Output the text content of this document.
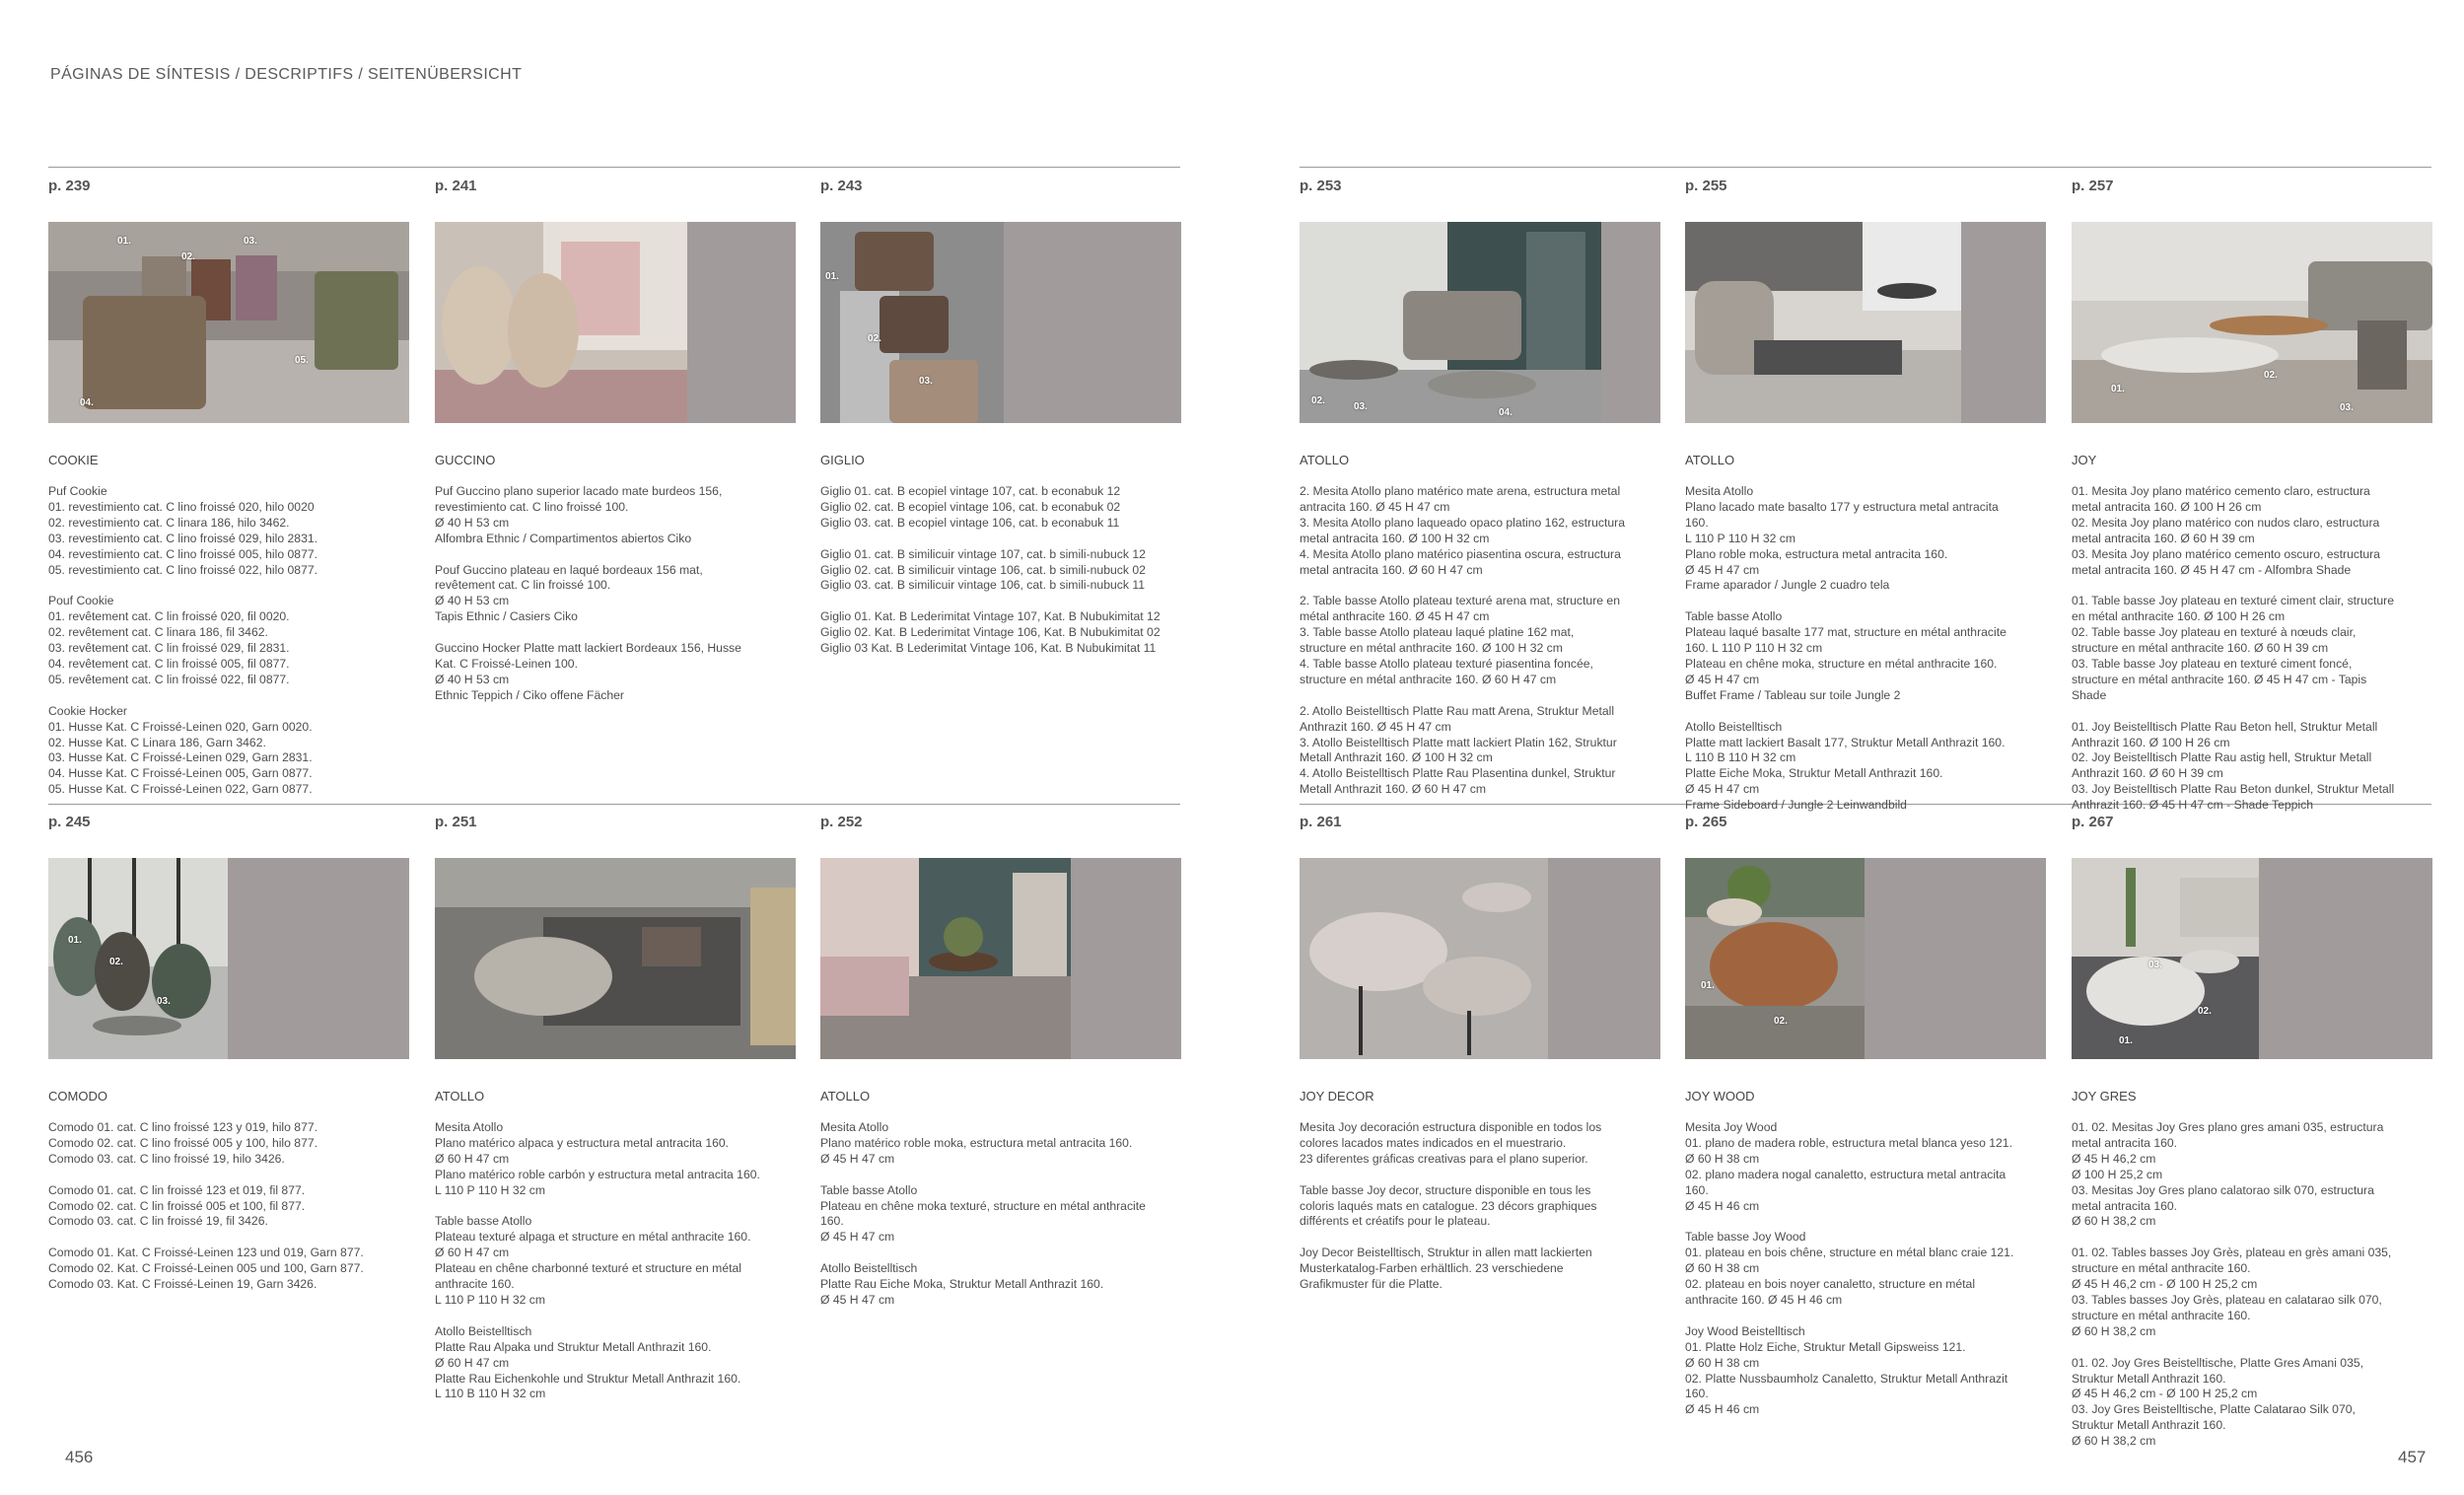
PÁGINAS DE SÍNTESIS / DESCRIPTIFS / SEITENÜBERSICHT
p. 239
01.
02.
03.
04.
05.
COOKIE
Puf Cookie
01. revestimiento cat. C lino froissé 020, hilo 0020
02. revestimiento cat. C linara 186, hilo 3462.
03. revestimiento cat. C lino froissé 029, hilo 2831.
04. revestimiento cat. C lino froissé 005, hilo 0877.
05. revestimiento cat. C lino froissé 022, hilo 0877.

Pouf Cookie
01. revêtement cat. C lin froissé 020, fil 0020.
02. revêtement cat. C linara 186, fil 3462.
03. revêtement cat. C lin froissé 029, fil 2831.
04. revêtement cat. C lin froissé 005, fil 0877.
05. revêtement cat. C lin froissé 022, fil 0877.

Cookie Hocker
01. Husse Kat. C Froissé-Leinen 020, Garn 0020.
02. Husse Kat. C Linara 186, Garn 3462.
03. Husse Kat. C Froissé-Leinen 029, Garn 2831.
04. Husse Kat. C Froissé-Leinen 005, Garn 0877.
05. Husse Kat. C Froissé-Leinen 022, Garn 0877.
p. 241
GUCCINO
Puf Guccino plano superior lacado mate burdeos 156,
revestimiento cat. C lino froissé 100.
Ø 40 H 53 cm
Alfombra Ethnic / Compartimentos abiertos Ciko

Pouf Guccino plateau en laqué bordeaux 156 mat,
revêtement cat. C lin froissé 100.
Ø 40 H 53 cm
Tapis Ethnic / Casiers Ciko

Guccino Hocker Platte matt lackiert Bordeaux 156, Husse
Kat. C Froissé-Leinen 100.
Ø 40 H 53 cm
Ethnic Teppich / Ciko offene Fächer
p. 243
01.
02.
03.
GIGLIO
Giglio 01. cat. B ecopiel vintage 107, cat. b econabuk 12
Giglio 02. cat. B ecopiel vintage 106, cat. b econabuk 02
Giglio 03. cat. B ecopiel vintage 106, cat. b econabuk 11

Giglio 01. cat. B similicuir vintage 107, cat. b simili-nubuck 12
Giglio 02. cat. B similicuir vintage 106, cat. b simili-nubuck 02
Giglio 03. cat. B similicuir vintage 106, cat. b simili-nubuck 11

Giglio 01. Kat. B Lederimitat Vintage 107, Kat. B Nubukimitat 12
Giglio 02. Kat. B Lederimitat Vintage 106, Kat. B Nubukimitat 02
Giglio 03 Kat. B Lederimitat Vintage 106, Kat. B Nubukimitat 11
p. 253
02.
03.
04.
ATOLLO
2. Mesita Atollo plano matérico mate arena, estructura metal
antracita 160. Ø 45 H 47 cm
3. Mesita Atollo plano laqueado opaco platino 162, estructura
metal antracita 160. Ø 100 H 32 cm
4. Mesita Atollo plano matérico piasentina oscura, estructura
metal antracita 160. Ø 60 H 47 cm

2. Table basse Atollo plateau texturé arena mat, structure en
métal anthracite 160. Ø 45 H 47 cm
3. Table basse Atollo plateau laqué platine 162 mat,
structure en métal anthracite 160. Ø 100 H 32 cm
4. Table basse Atollo plateau texturé piasentina foncée,
structure en métal anthracite 160. Ø 60 H 47 cm

2. Atollo Beistelltisch Platte Rau matt Arena, Struktur Metall
Anthrazit 160. Ø 45 H 47 cm
3. Atollo Beistelltisch Platte matt lackiert Platin 162, Struktur
Metall Anthrazit 160. Ø 100 H 32 cm
4. Atollo Beistelltisch Platte Rau Plasentina dunkel, Struktur
Metall Anthrazit 160. Ø 60 H 47 cm
p. 255
ATOLLO
Mesita Atollo
Plano lacado mate basalto 177 y estructura metal antracita
160.
L 110 P 110 H 32 cm
Plano roble moka, estructura metal antracita 160.
Ø 45 H 47 cm
Frame aparador / Jungle 2 cuadro tela

Table basse Atollo
Plateau laqué basalte 177 mat, structure en métal anthracite
160. L 110 P 110 H 32 cm
Plateau en chêne moka, structure en métal anthracite 160.
Ø 45 H 47 cm
Buffet Frame / Tableau sur toile Jungle 2

Atollo Beistelltisch
Platte matt lackiert Basalt 177, Struktur Metall Anthrazit 160.
L 110 B 110 H 32 cm
Platte Eiche Moka, Struktur Metall Anthrazit 160.
Ø 45 H 47 cm
Frame Sideboard / Jungle 2 Leinwandbild
p. 257
01.
02.
03.
JOY
01. Mesita Joy plano matérico cemento claro, estructura
metal antracita 160. Ø 100 H 26 cm
02. Mesita Joy plano matérico con nudos claro, estructura
metal antracita 160. Ø 60 H 39 cm
03. Mesita Joy plano matérico cemento oscuro, estructura
metal antracita 160. Ø 45 H 47 cm - Alfombra Shade

01. Table basse Joy plateau en texturé ciment clair, structure
en métal anthracite 160. Ø 100 H 26 cm
02. Table basse Joy plateau en texturé à nœuds clair,
structure en métal anthracite 160. Ø 60 H 39 cm
03. Table basse Joy plateau en texturé ciment foncé,
structure en métal anthracite 160. Ø 45 H 47 cm - Tapis
Shade

01. Joy Beistelltisch Platte Rau Beton hell, Struktur Metall
Anthrazit 160. Ø 100 H 26 cm
02. Joy Beistelltisch Platte Rau astig hell, Struktur Metall
Anthrazit 160. Ø 60 H 39 cm
03. Joy Beistelltisch Platte Rau Beton dunkel, Struktur Metall
Anthrazit 160. Ø 45 H 47 cm - Shade Teppich
p. 245
01.
02.
03.
COMODO
Comodo 01. cat. C lino froissé 123 y 019, hilo 877.
Comodo 02. cat. C lino froissé 005 y 100, hilo 877.
Comodo 03. cat. C lino froissé 19, hilo 3426.

Comodo 01. cat. C lin froissé 123 et 019, fil 877.
Comodo 02. cat. C lin froissé 005 et 100, fil 877.
Comodo 03. cat. C lin froissé 19, fil 3426.

Comodo 01. Kat. C Froissé-Leinen 123 und 019, Garn 877.
Comodo 02. Kat. C Froissé-Leinen 005 und 100, Garn 877.
Comodo 03. Kat. C Froissé-Leinen 19, Garn 3426.
p. 251
ATOLLO
Mesita Atollo
Plano matérico alpaca y estructura metal antracita 160.
Ø 60 H 47 cm
Plano matérico roble carbón y estructura metal antracita 160.
L 110 P 110 H 32 cm

Table basse Atollo
Plateau texturé alpaga et structure en métal anthracite 160.
Ø 60 H 47 cm
Plateau en chêne charbonné texturé et structure en métal
anthracite 160.
L 110 P 110 H 32 cm

Atollo Beistelltisch
Platte Rau Alpaka und Struktur Metall Anthrazit 160.
Ø 60 H 47 cm
Platte Rau Eichenkohle und Struktur Metall Anthrazit 160.
L 110 B 110 H 32 cm
p. 252
ATOLLO
Mesita Atollo
Plano matérico roble moka, estructura metal antracita 160.
Ø 45 H 47 cm

Table basse Atollo
Plateau en chêne moka texturé, structure en métal anthracite
160.
Ø 45 H 47 cm

Atollo Beistelltisch
Platte Rau Eiche Moka, Struktur Metall Anthrazit 160.
Ø 45 H 47 cm
p. 261
JOY DECOR
Mesita Joy decoración estructura disponible en todos los
colores lacados mates indicados en el muestrario.
23 diferentes gráficas creativas para el plano superior.

Table basse Joy decor, structure disponible en tous les
coloris laqués mats en catalogue. 23 décors graphiques
différents et créatifs pour le plateau.

Joy Decor Beistelltisch, Struktur in allen matt lackierten
Musterkatalog-Farben erhältlich. 23 verschiedene
Grafikmuster für die Platte.
p. 265
01.
02.
JOY WOOD
Mesita Joy Wood
01. plano de madera roble, estructura metal blanca yeso 121.
Ø 60 H 38 cm
02. plano madera nogal canaletto, estructura metal antracita
160.
Ø 45 H 46 cm

Table basse Joy Wood
01. plateau en bois chêne, structure en métal blanc craie 121.
Ø 60 H 38 cm
02. plateau en bois noyer canaletto, structure en métal
anthracite 160. Ø 45 H 46 cm

Joy Wood Beistelltisch
01. Platte Holz Eiche, Struktur Metall Gipsweiss 121.
Ø 60 H 38 cm
02. Platte Nussbaumholz Canaletto, Struktur Metall Anthrazit
160.
Ø 45 H 46 cm
p. 267
01.
02.
03.
JOY GRES
01. 02. Mesitas Joy Gres plano gres amani 035, estructura
metal antracita 160.
Ø 45 H 46,2 cm
Ø 100 H 25,2 cm
03. Mesitas Joy Gres plano calatorao silk 070, estructura
metal antracita 160.
Ø 60 H 38,2 cm

01. 02. Tables basses Joy Grès, plateau en grès amani 035,
structure en métal anthracite 160.
Ø 45 H 46,2 cm - Ø 100 H 25,2 cm
03. Tables basses Joy Grès, plateau en calatarao silk 070,
structure en métal anthracite 160.
Ø 60 H 38,2 cm

01. 02. Joy Gres Beistelltische, Platte Gres Amani 035,
Struktur Metall Anthrazit 160.
Ø 45 H 46,2 cm - Ø 100 H 25,2 cm
03. Joy Gres Beistelltische, Platte Calatarao Silk 070,
Struktur Metall Anthrazit 160.
Ø 60 H 38,2 cm
456	457
